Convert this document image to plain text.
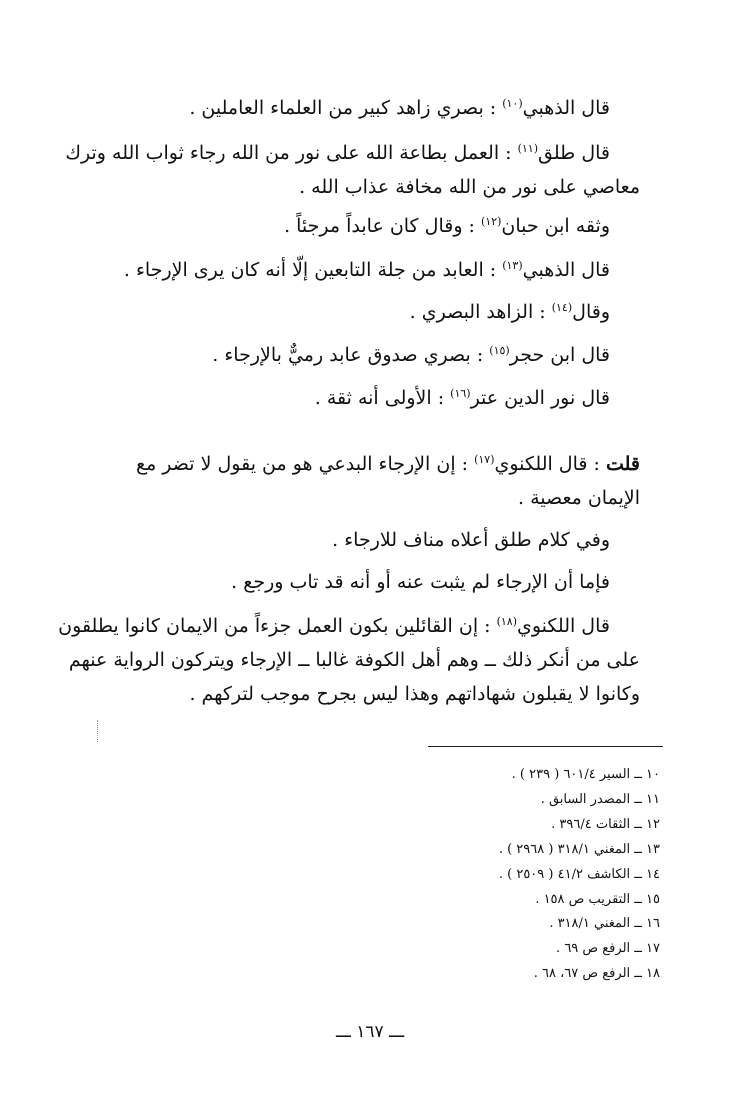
قال الذهبي$^{(١٠)}$ : بصري زاهد كبير من العلماء العاملين .
قال طلق$^{(١١)}$ : العمل بطاعة الله على نور من الله رجاء ثواب الله وترك
معاصي على نور من الله مخافة عذاب الله .
وثقه ابن حبان$^{(١٢)}$ : وقال كان عابداً مرجئاً .
قال الذهبي$^{(١٣)}$ : العابد من جلة التابعين إلّا أنه كان يرى الإرجاء .
وقال$^{(١٤)}$ : الزاهد البصري .
قال ابن حجر$^{(١٥)}$ : بصري صدوق عابد رميٌّ بالإرجاء .
قال نور الدين عتر$^{(١٦)}$ : الأولى أنه ثقة .
قلت : قال اللكنوي$^{(١٧)}$ : إن الإرجاء البدعي هو من يقول لا تضر مع
الإيمان معصية .
وفي كلام طلق أعلاه مناف للارجاء .
فإما أن الإرجاء لم يثبت عنه أو أنه قد تاب ورجع .
قال اللكنوي$^{(١٨)}$ : إن القائلين بكون العمل جزءاً من الايمان كانوا يطلقون
على من أنكر ذلك ــ وهم أهل الكوفة غالبا ــ الإرجاء ويتركون الرواية عنهم
وكانوا لا يقبلون شهاداتهم وهذا ليس بجرح موجب لتركهم .
١٠ ــ السير ٦٠١/٤ ( ٢٣٩ ) .
١١ ــ المصدر السابق .
١٢ ــ الثقات ٣٩٦/٤ .
١٣ ــ المغني ٣١٨/١ ( ٢٩٦٨ ) .
١٤ ــ الكاشف ٤١/٢ ( ٢٥٠٩ ) .
١٥ ــ التقريب ص ١٥٨ .
١٦ ــ المغني ٣١٨/١ .
١٧ ــ الرفع ص ٦٩ .
١٨ ــ الرفع ص ٦٧، ٦٨ .
ـــ ١٦٧ ـــ
